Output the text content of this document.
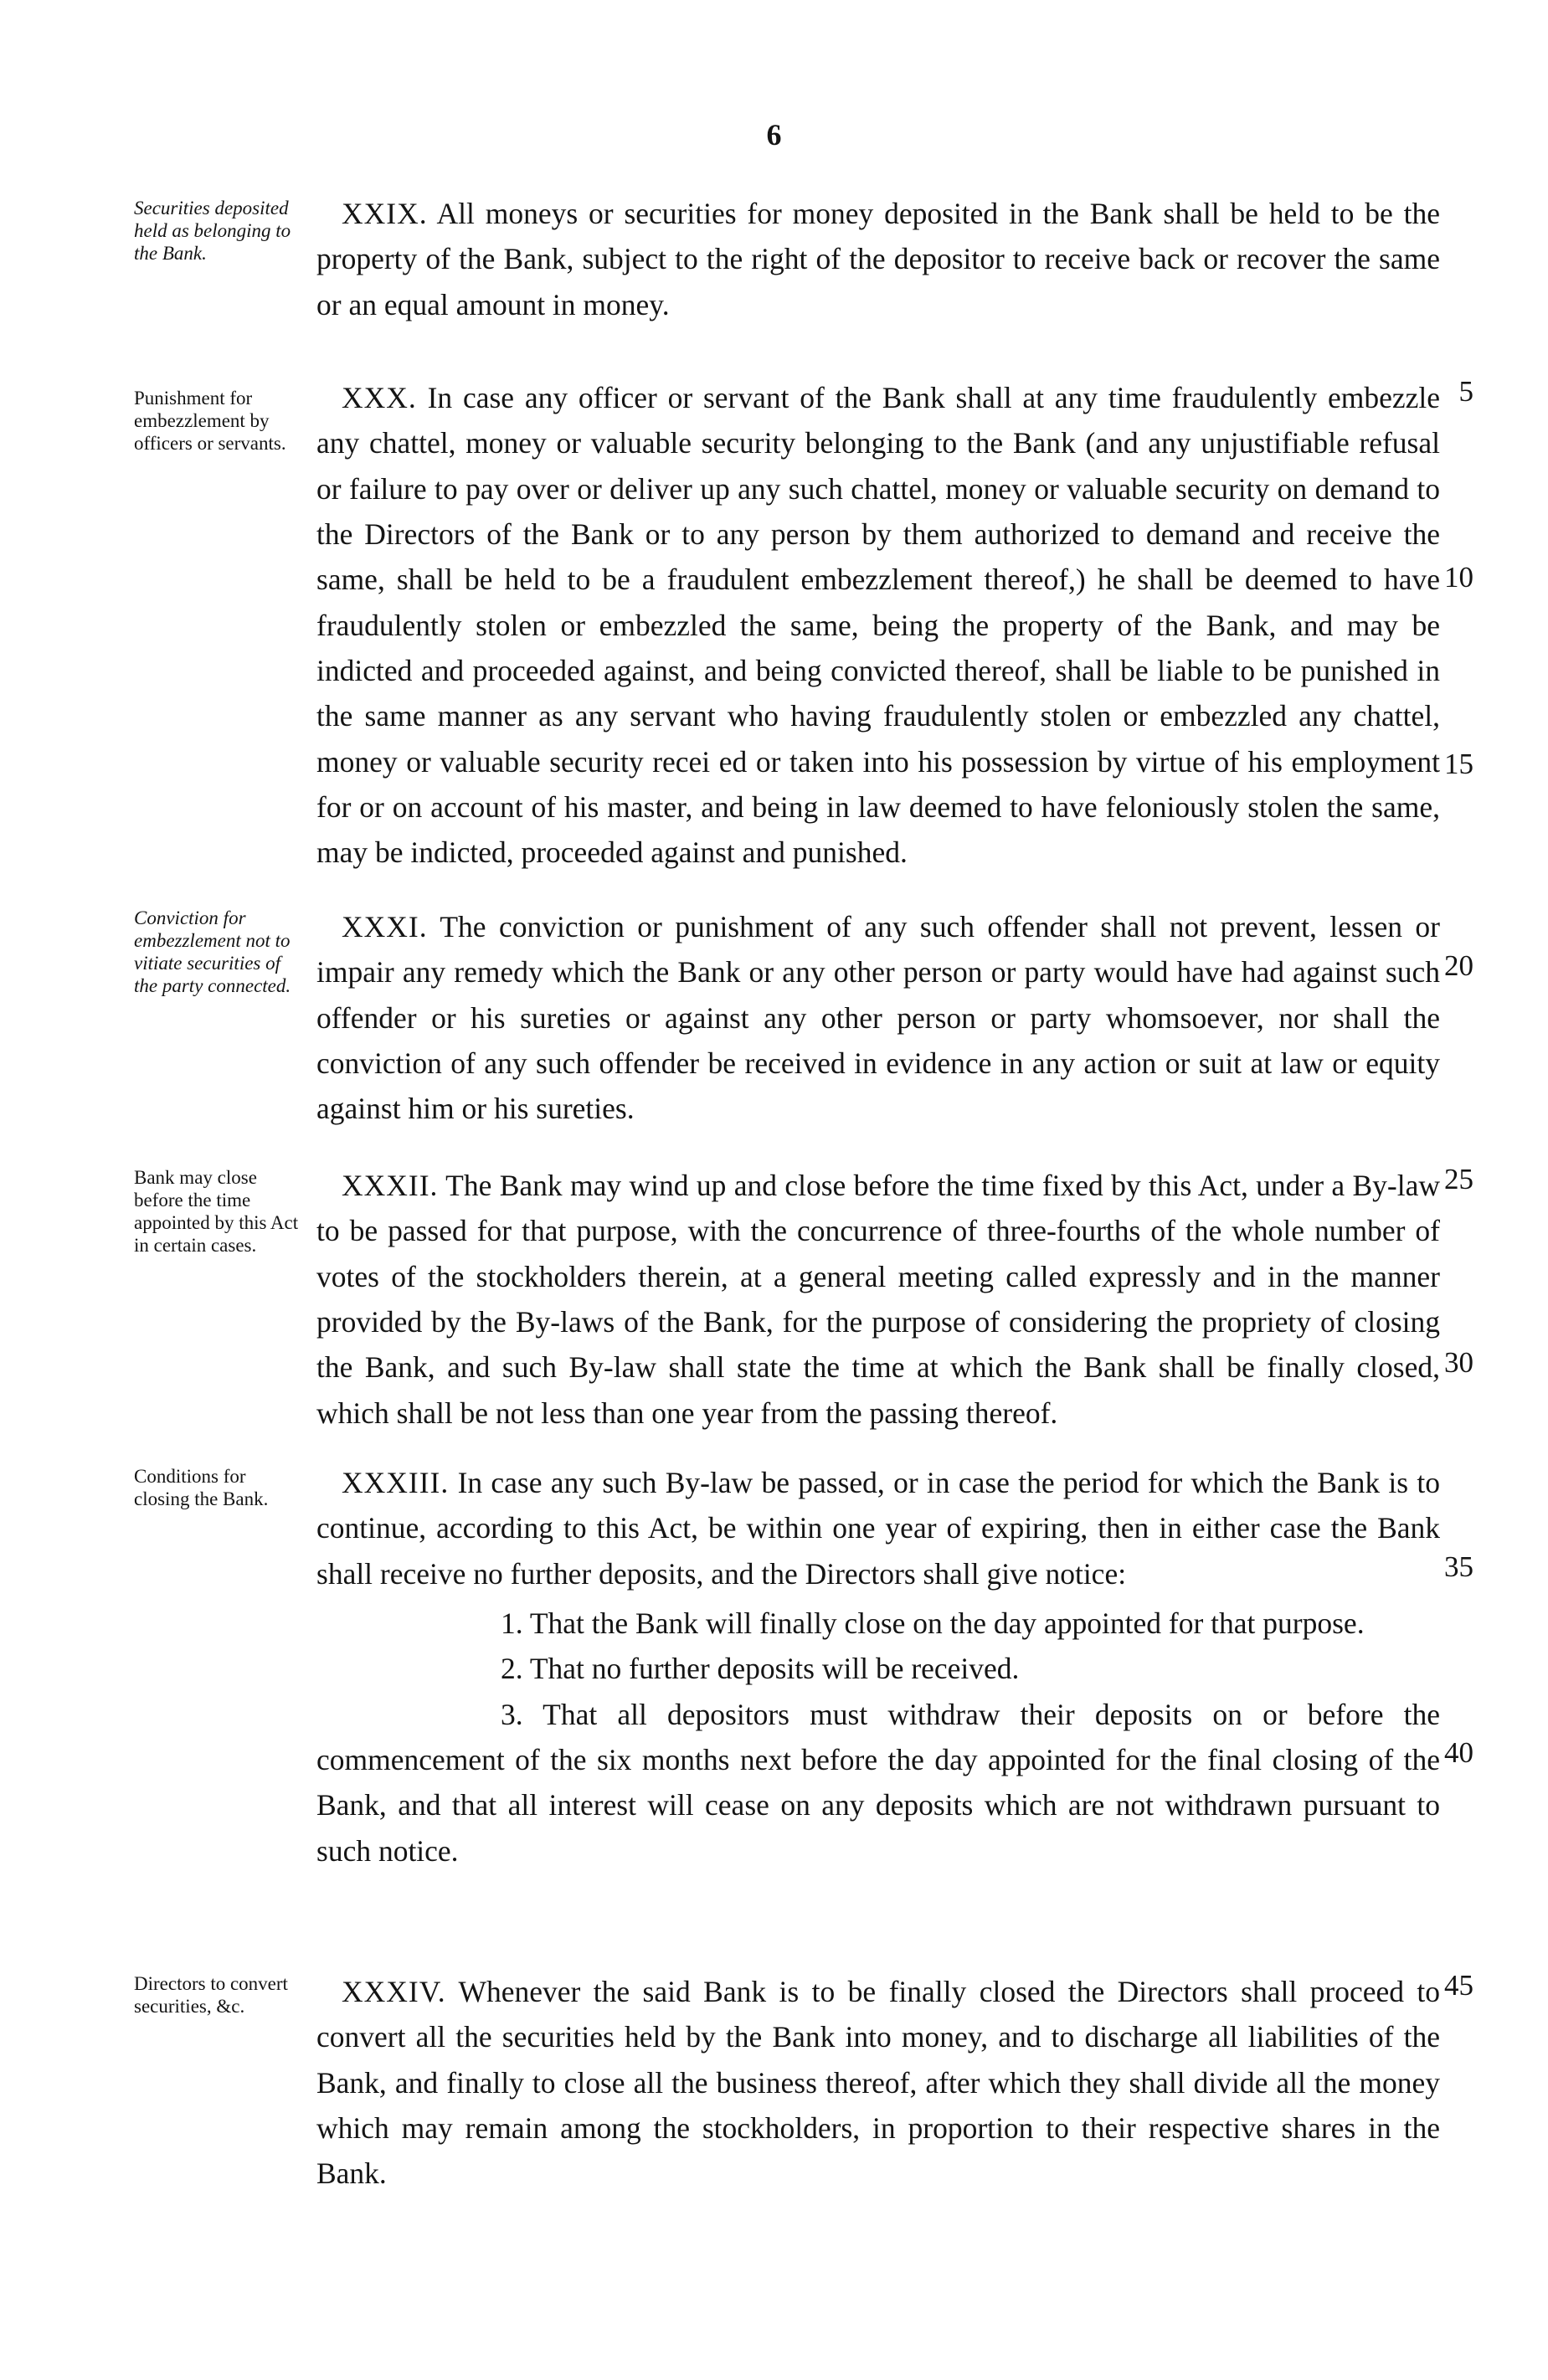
6
Securities deposited held as belonging to the Bank.
XXIX. All moneys or securities for money deposited in the Bank shall be held to be the property of the Bank, subject to the right of the depositor to receive back or recover the same or an equal amount in money.
Punishment for embezzlement by officers or servants.
XXX. In case any officer or servant of the Bank shall at any time fraudulently embezzle any chattel, money or valuable security belonging to the Bank (and any unjustifiable refusal or failure to pay over or deliver up any such chattel, money or valuable security on demand to the Directors of the Bank or to any person by them authorized to demand and receive the same, shall be held to be a fraudulent embezzlement thereof,) he shall be deemed to have fraudulently stolen or embezzled the same, being the property of the Bank, and may be indicted and proceeded against, and being convicted thereof, shall be liable to be punished in the same manner as any servant who having fraudulently stolen or embezzled any chattel, money or valuable security recei ed or taken into his possession by virtue of his employment for or on account of his master, and being in law deemed to have feloniously stolen the same, may be indicted, proceeded against and punished.
Conviction for embezzlement not to vitiate securities of the party connected.
XXXI. The conviction or punishment of any such offender shall not prevent, lessen or impair any remedy which the Bank or any other person or party would have had against such offender or his sureties or against any other person or party whomsoever, nor shall the conviction of any such offender be received in evidence in any action or suit at law or equity against him or his sureties.
Bank may close before the time appointed by this Act in certain cases.
XXXII. The Bank may wind up and close before the time fixed by this Act, under a By-law to be passed for that purpose, with the concurrence of three-fourths of the whole number of votes of the stockholders therein, at a general meeting called expressly and in the manner provided by the By-laws of the Bank, for the purpose of considering the propriety of closing the Bank, and such By-law shall state the time at which the Bank shall be finally closed, which shall be not less than one year from the passing thereof.
Conditions for closing the Bank.	XXXIII. In case any such By-law be passed, or in case the period for which the Bank is to continue, according to this Act, be within one year of expiring, then in either case the Bank shall receive no further deposits, and the Directors shall give notice:
1. That the Bank will finally close on the day appointed for that purpose.
2. That no further deposits will be received.
3. That all depositors must withdraw their deposits on or before the commencement of the six months next before the day appointed for the final closing of the Bank, and that all interest will cease on any deposits which are not withdrawn pursuant to such notice.
Directors to convert securities, &c.	XXXIV. Whenever the said Bank is to be finally closed the Directors shall proceed to convert all the securities held by the Bank into money, and to discharge all liabilities of the Bank, and finally to close all the business thereof, after which they shall divide all the money which may remain among the stockholders, in proportion to their respective shares in the Bank.
5
10
15
20
25
30
35
40
45
